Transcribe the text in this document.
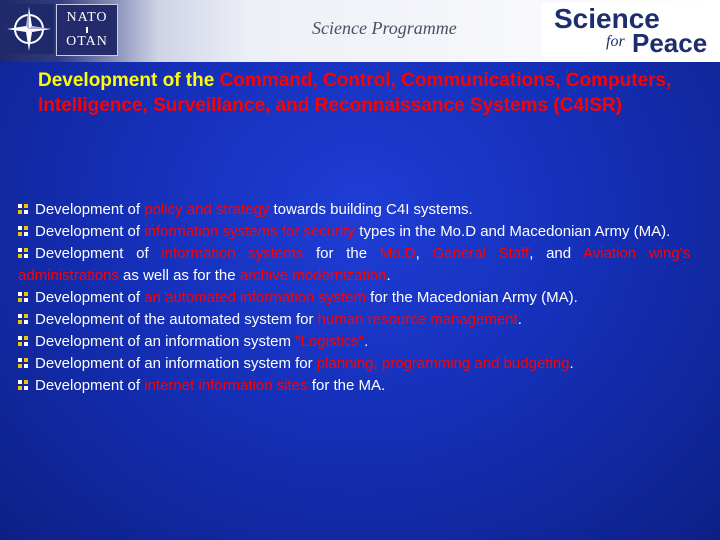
NATO
OTAN
Science Programme	Science
for Peace
Development of the Command, Control, Communications, Computers, Intelligence, Surveillance, and Reconnaissance Systems (C4ISR)

Development of policy and strategy towards building C4I systems.

Development of information systems for security types in the Mo.D and Macedonian Army (MA).

Development of information systems for the Mo.D, General Staff, and Aviation wing's administrations as well as for the archive modernization.

Development of an automated information system for the Macedonian Army (MA).

Development of the automated system for human resource management.

Development of an information system "Logistics".

Development of an information system for planning, programming and budgeting.

Development of internet information sites for the MA.
